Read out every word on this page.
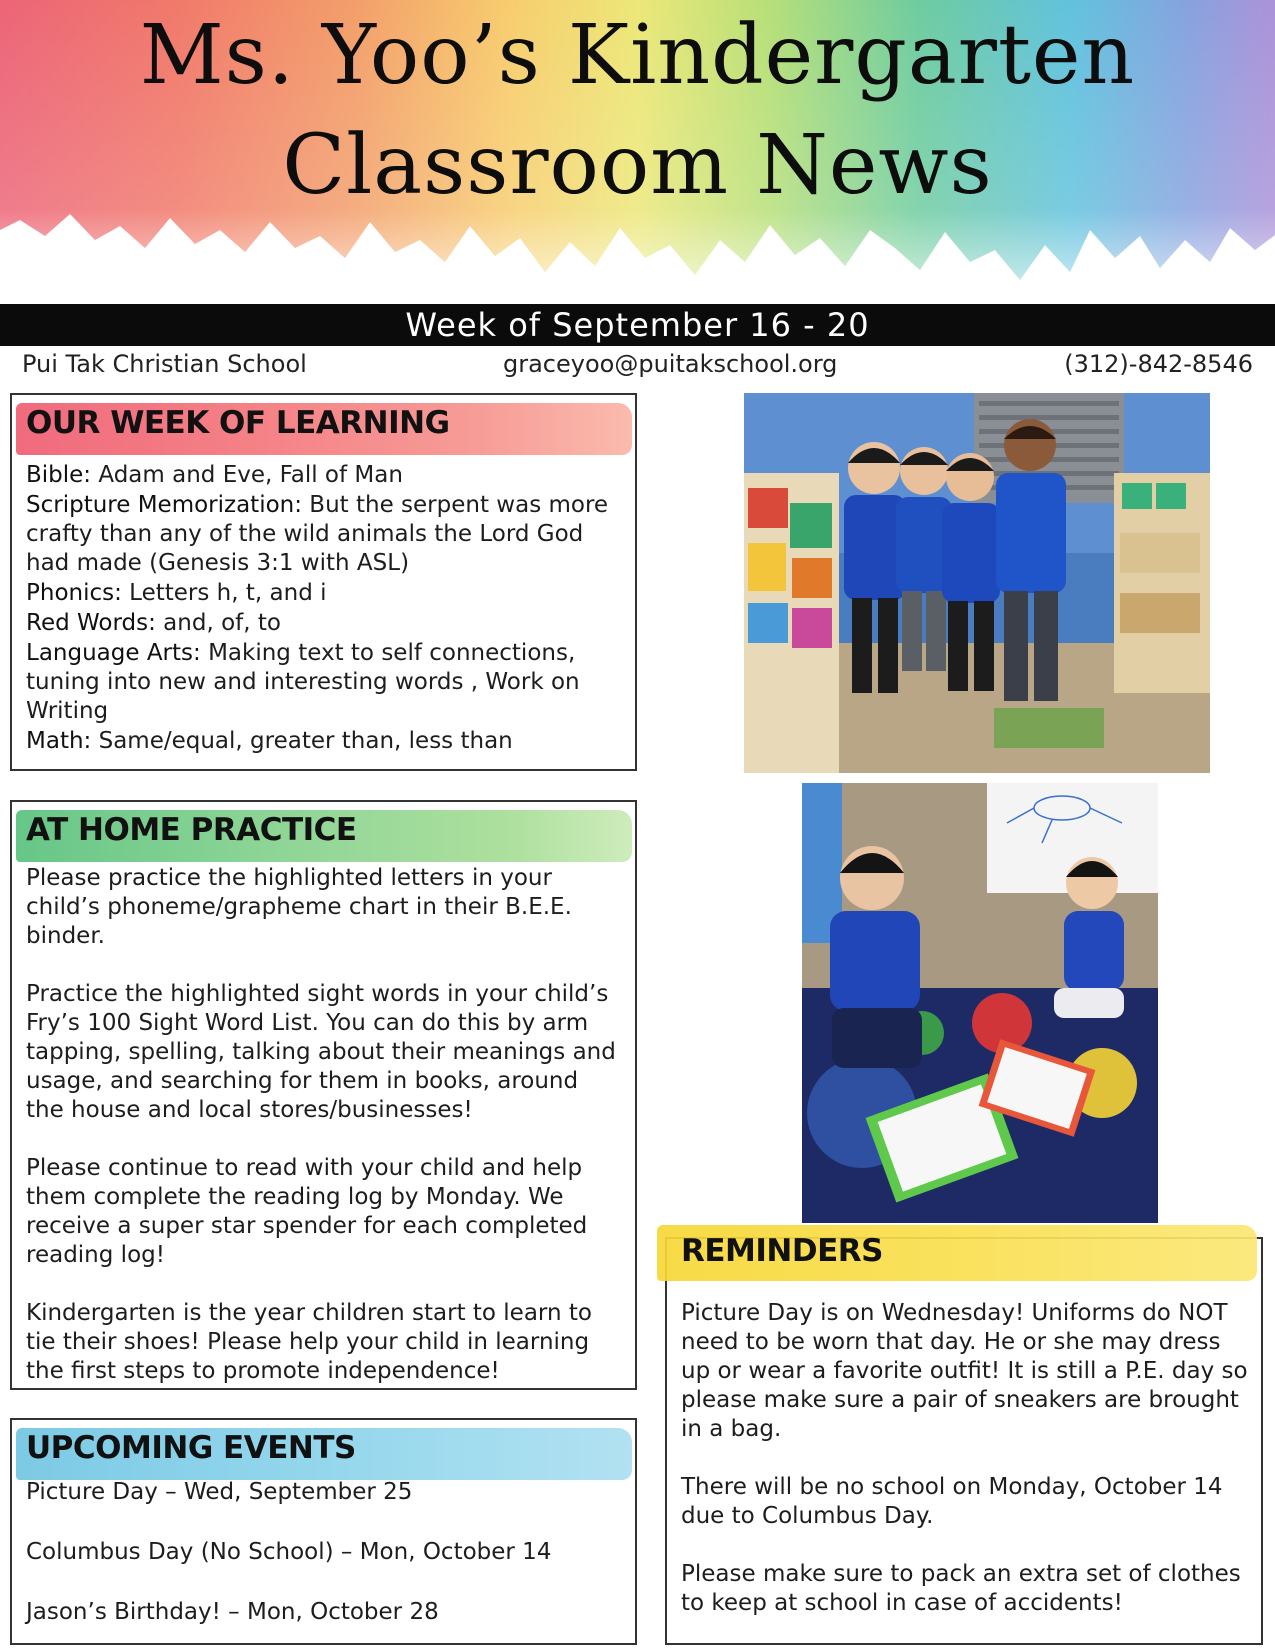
Ms. Yoo’s Kindergarten
Classroom News
Week of September 16 - 20
Pui Tak Christian School	graceyoo@puitakschool.org	(312)-842-8546
OUR WEEK OF LEARNING
Bible: Adam and Eve, Fall of Man
Scripture Memorization: But the serpent was more crafty than any of the wild animals the Lord God had made (Genesis 3:1 with ASL)
Phonics: Letters h, t, and i
Red Words: and, of, to
Language Arts: Making text to self connections, tuning into new and interesting words , Work on Writing
Math: Same/equal, greater than, less than
AT HOME PRACTICE

Please practice the highlighted letters in your child’s phoneme/grapheme chart in their B.E.E. binder.

Practice the highlighted sight words in your child’s Fry’s 100 Sight Word List. You can do this by arm tapping, spelling, talking about their meanings and usage, and searching for them in books, around the house and local stores/businesses!

Please continue to read with your child and help them complete the reading log by Monday. We receive a super star spender for each completed reading log!

Kindergarten is the year children start to learn to tie their shoes! Please help your child in learning the first steps to promote independence!

UPCOMING EVENTS
Picture Day – Wed, September 25
Columbus Day (No School) – Mon, October 14
Jason’s Birthday! – Mon, October 28
REMINDERS

Picture Day is on Wednesday! Uniforms do NOT need to be worn that day. He or she may dress up or wear a favorite outfit! It is still a P.E. day so please make sure a pair of sneakers are brought in a bag.

There will be no school on Monday, October 14 due to Columbus Day.

Please make sure to pack an extra set of clothes to keep at school in case of accidents!
